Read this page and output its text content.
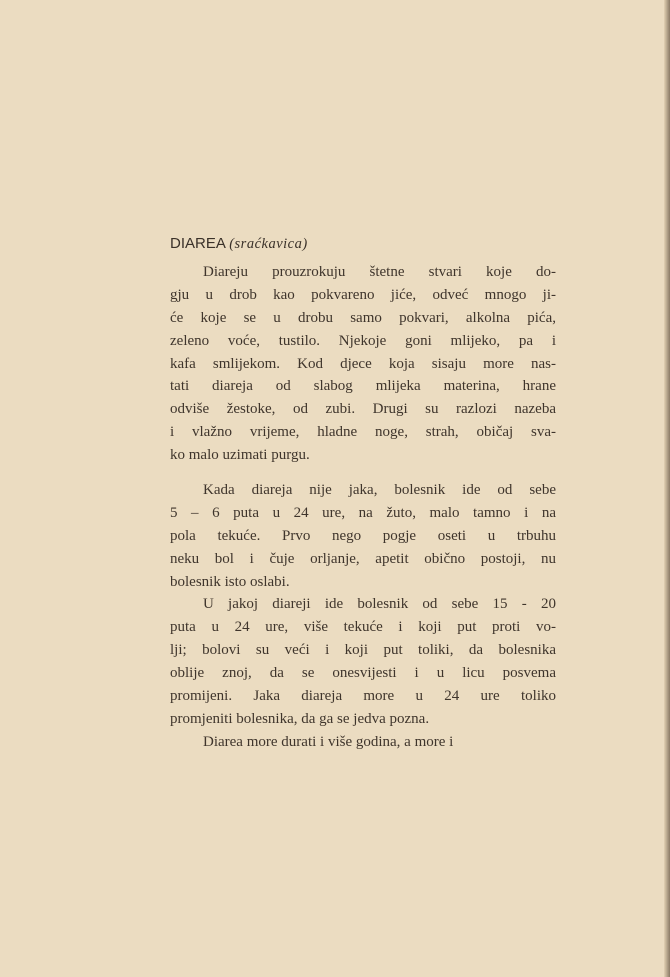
DIAREA (sraćkavica)
Diareju prouzrokuju štetne stvari koje do-
gju u drob kao pokvareno jiće, odveć mnogo ji-
će koje se u drobu samo pokvari, alkolna pića,
zeleno voće, tustilo. Njekoje goni mlijeko, pa i
kafa smlijekom. Kod djece koja sisaju more nas-
tati diareja od slabog mlijeka materina, hrane
odviše žestoke, od zubi. Drugi su razlozi nazeba
i vlažno vrijeme, hladne noge, strah, običaj sva-
ko malo uzimati purgu.
Kada diareja nije jaka, bolesnik ide od sebe
5 – 6 puta u 24 ure, na žuto, malo tamno i na
pola tekuće. Prvo nego pogje oseti u trbuhu
neku bol i čuje orljanje, apetit obično postoji, nu
bolesnik isto oslabi.
U jakoj diareji ide bolesnik od sebe 15 - 20
puta u 24 ure, više tekuće i koji put proti vo-
lji; bolovi su veći i koji put toliki, da bolesnika
oblije znoj, da se onesvijesti i u licu posvema
promijeni. Jaka diareja more u 24 ure toliko
promjeniti bolesnika, da ga se jedva pozna.
Diarea more durati i više godina, a more i
